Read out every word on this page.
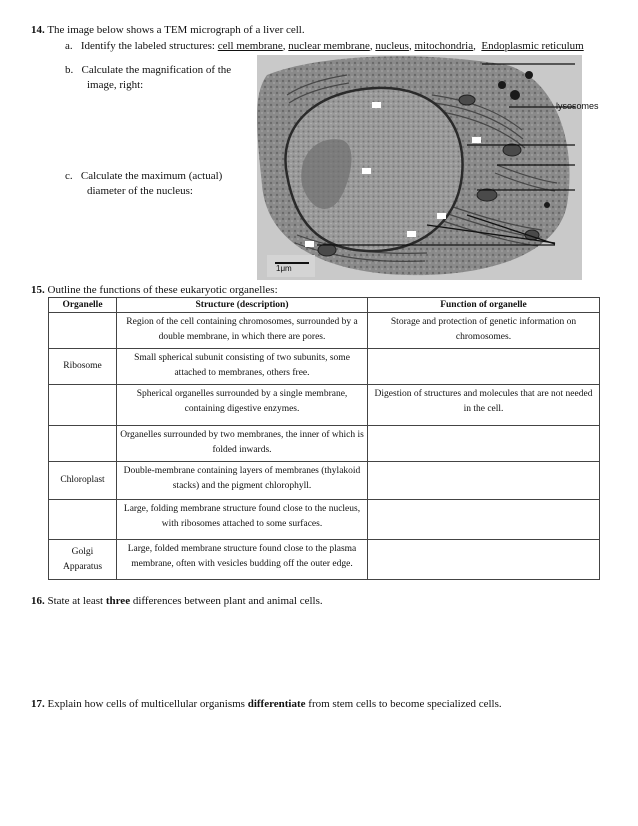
14. The image below shows a TEM micrograph of a liver cell.
a. Identify the labeled structures: cell membrane, nuclear membrane, nucleus, mitochondria,  Endoplasmic reticulum
b. Calculate the magnification of the
image, right:
c. Calculate the maximum (actual)
diameter of the nucleus:
lysosomes
1μm
15. Outline the functions of these eukaryotic organelles:
Organelle	Structure (description)	Function of organelle
	Region of the cell containing chromosomes, surrounded by a double membrane, in which there are pores.	Storage and protection of genetic information on chromosomes.
Ribosome	Small spherical subunit consisting of two subunits, some attached to membranes, others free.	
	Spherical organelles surrounded by a single membrane, containing digestive enzymes.	Digestion of structures and molecules that are not needed in the cell.
	Organelles surrounded by two membranes, the inner of which is folded inwards.	
Chloroplast	Double-membrane containing layers of membranes (thylakoid stacks) and the pigment chlorophyll.	
	Large, folding membrane structure found close to the nucleus, with ribosomes attached to some surfaces.	
Golgi Apparatus	Large, folded membrane structure found close to the plasma membrane, often with vesicles budding off the outer edge.	
16. State at least three differences between plant and animal cells.
17. Explain how cells of multicellular organisms differentiate from stem cells to become specialized cells.
